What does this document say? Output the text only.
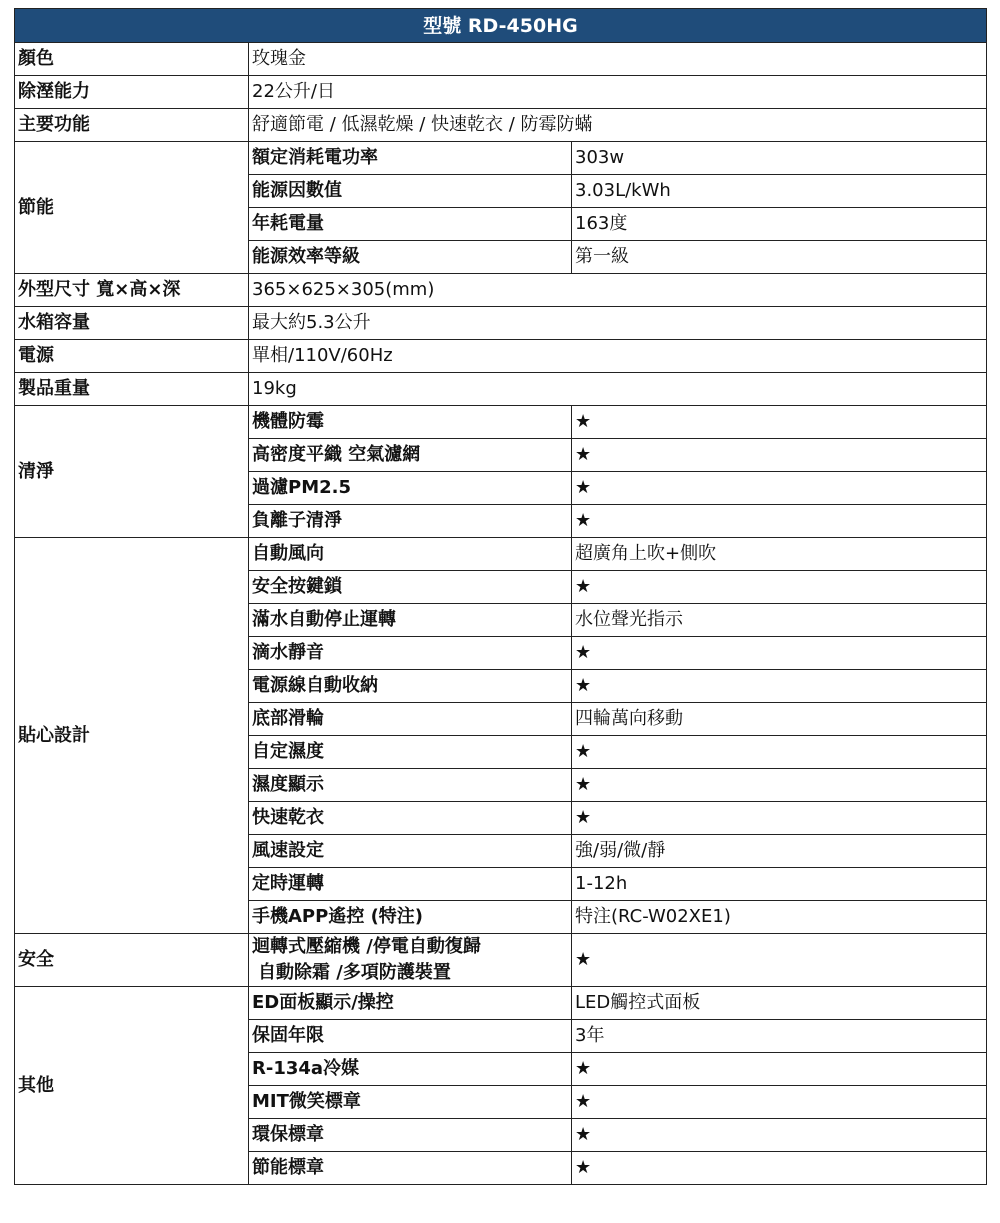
型號 RD-450HG		
顏色	玫瑰金	
除溼能力	22公升/日	
主要功能	舒適節電 / 低濕乾燥 / 快速乾衣 / 防霉防蟎	
節能	額定消耗電功率	303w
	能源因數值	3.03L/kWh
	年耗電量	163度
	能源效率等級	第一級
外型尺寸 寬×高×深	365×625×305(mm)	
水箱容量	最大約5.3公升	
電源	單相/110V/60Hz	
製品重量	19kg	
清淨	機體防霉	★
	高密度平織 空氣濾網	★
	過濾PM2.5	★
	負離子清淨	★
貼心設計	自動風向	超廣角上吹+側吹
	安全按鍵鎖	★
	滿水自動停止運轉	水位聲光指示
	滴水靜音	★
	電源線自動收納	★
	底部滑輪	四輪萬向移動
	自定濕度	★
	濕度顯示	★
	快速乾衣	★
	風速設定	強/弱/微/靜
	定時運轉	1-12h
	手機APP遙控 (特注)	特注(RC-W02XE1)
安全	迴轉式壓縮機 /停電自動復歸
自動除霜 /多項防護裝置	★
其他	ED面板顯示/操控	LED觸控式面板
	保固年限	3年
	R-134a冷媒	★
	MIT微笑標章	★
	環保標章	★
	節能標章	★
